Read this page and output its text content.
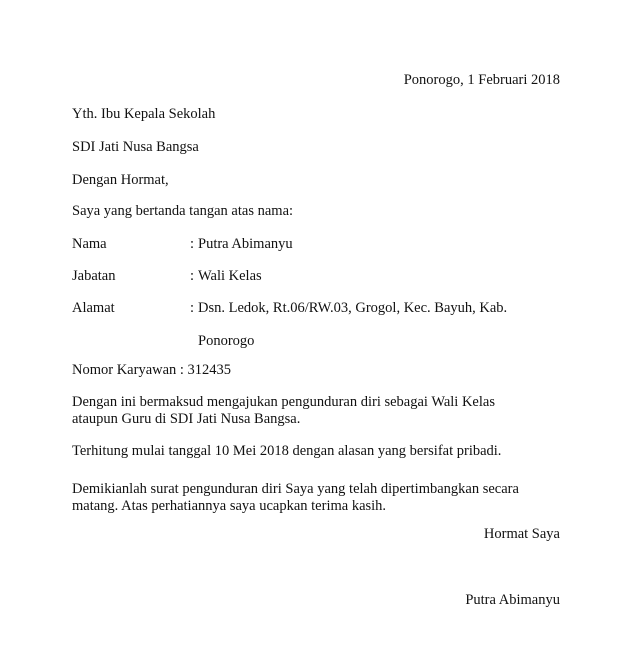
Ponorogo, 1 Februari 2018
Yth. Ibu Kepala Sekolah
SDI Jati Nusa Bangsa
Dengan Hormat,
Saya yang bertanda tangan atas nama:
Nama	: Putra Abimanyu
Jabatan	: Wali Kelas
Alamat	: Dsn. Ledok, Rt.06/RW.03, Grogol, Kec. Bayuh, Kab.
Ponorogo
Nomor Karyawan : 312435
Dengan ini bermaksud mengajukan pengunduran diri sebagai Wali Kelas ataupun Guru di SDI Jati Nusa Bangsa.
Terhitung mulai tanggal 10 Mei 2018 dengan alasan yang bersifat pribadi.
Demikianlah surat pengunduran diri Saya yang telah dipertimbangkan secara matang. Atas perhatiannya saya ucapkan terima kasih.
Hormat Saya
Putra Abimanyu
